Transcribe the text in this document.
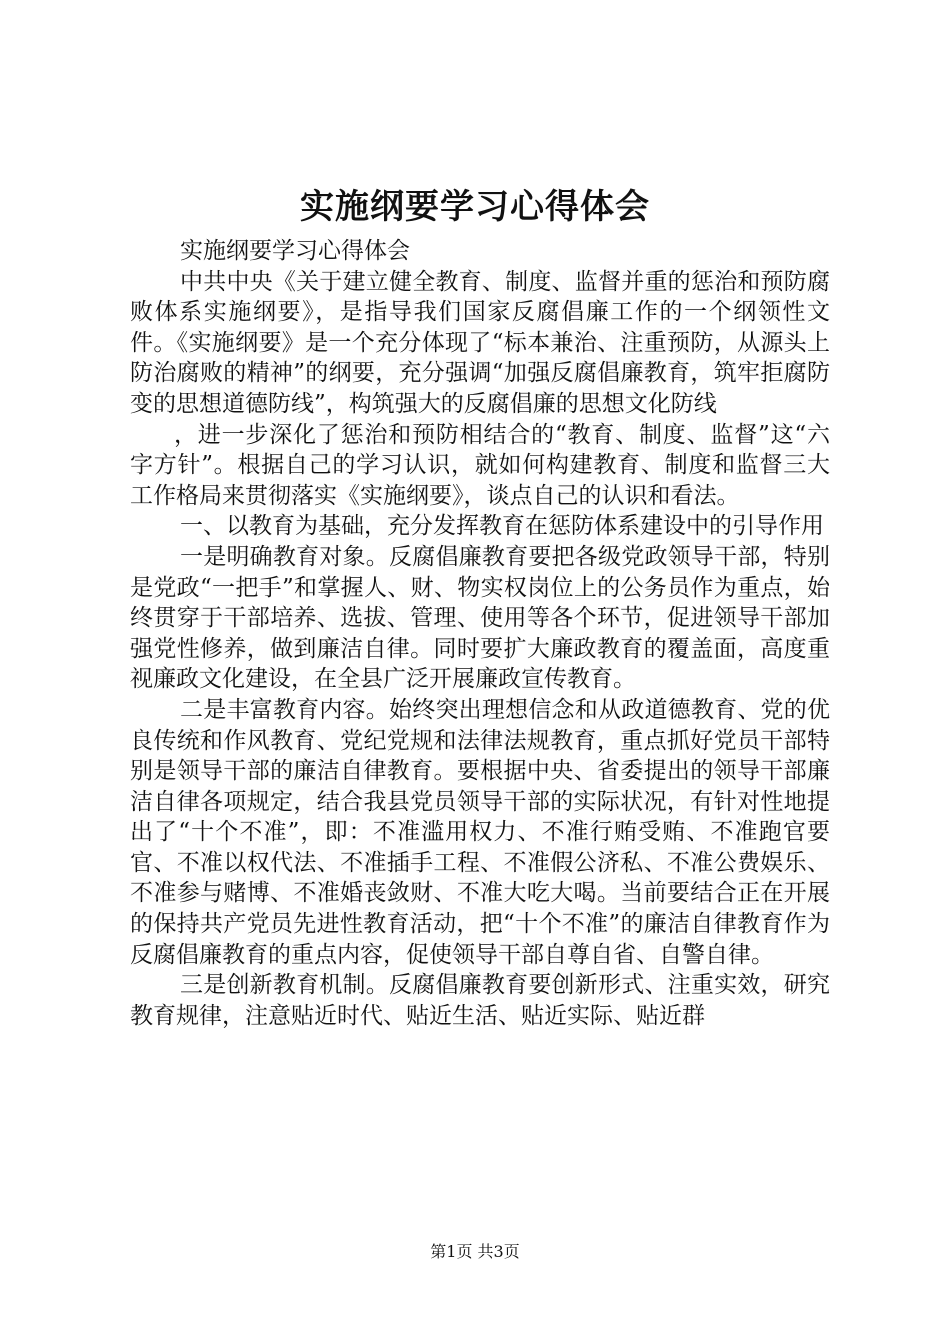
实施纲要学习心得体会

实施纲要学习心得体会

中共中央《关于建立健全教育、制度、监督并重的惩治和预防腐败体系实施纲要》，是指导我们国家反腐倡廉工作的一个纲领性文件。《实施纲要》是一个充分体现了“标本兼治、注重预防，从源头上防治腐败的精神”的纲要，充分强调“加强反腐倡廉教育，筑牢拒腐防变的思想道德防线”，构筑强大的反腐倡廉的思想文化防线

，进一步深化了惩治和预防相结合的“教育、制度、监督”这“六字方针”。根据自己的学习认识，就如何构建教育、制度和监督三大工作格局来贯彻落实《实施纲要》，谈点自己的认识和看法。

一、以教育为基础，充分发挥教育在惩防体系建设中的引导作用

一是明确教育对象。反腐倡廉教育要把各级党政领导干部，特别是党政“一把手”和掌握人、财、物实权岗位上的公务员作为重点，始终贯穿于干部培养、选拔、管理、使用等各个环节，促进领导干部加强党性修养，做到廉洁自律。同时要扩大廉政教育的覆盖面，高度重视廉政文化建设，在全县广泛开展廉政宣传教育。

二是丰富教育内容。始终突出理想信念和从政道德教育、党的优良传统和作风教育、党纪党规和法律法规教育，重点抓好党员干部特别是领导干部的廉洁自律教育。要根据中央、省委提出的领导干部廉洁自律各项规定，结合我县党员领导干部的实际状况，有针对性地提出了“十个不准”，即：不准滥用权力、不准行贿受贿、不准跑官要官、不准以权代法、不准插手工程、不准假公济私、不准公费娱乐、不准参与赌博、不准婚丧敛财、不准大吃大喝。当前要结合正在开展的保持共产党员先进性教育活动，把“十个不准”的廉洁自律教育作为反腐倡廉教育的重点内容，促使领导干部自尊自省、自警自律。

三是创新教育机制。反腐倡廉教育要创新形式、注重实效，研究教育规律，注意贴近时代、贴近生活、贴近实际、贴近群

第1页 共3页
